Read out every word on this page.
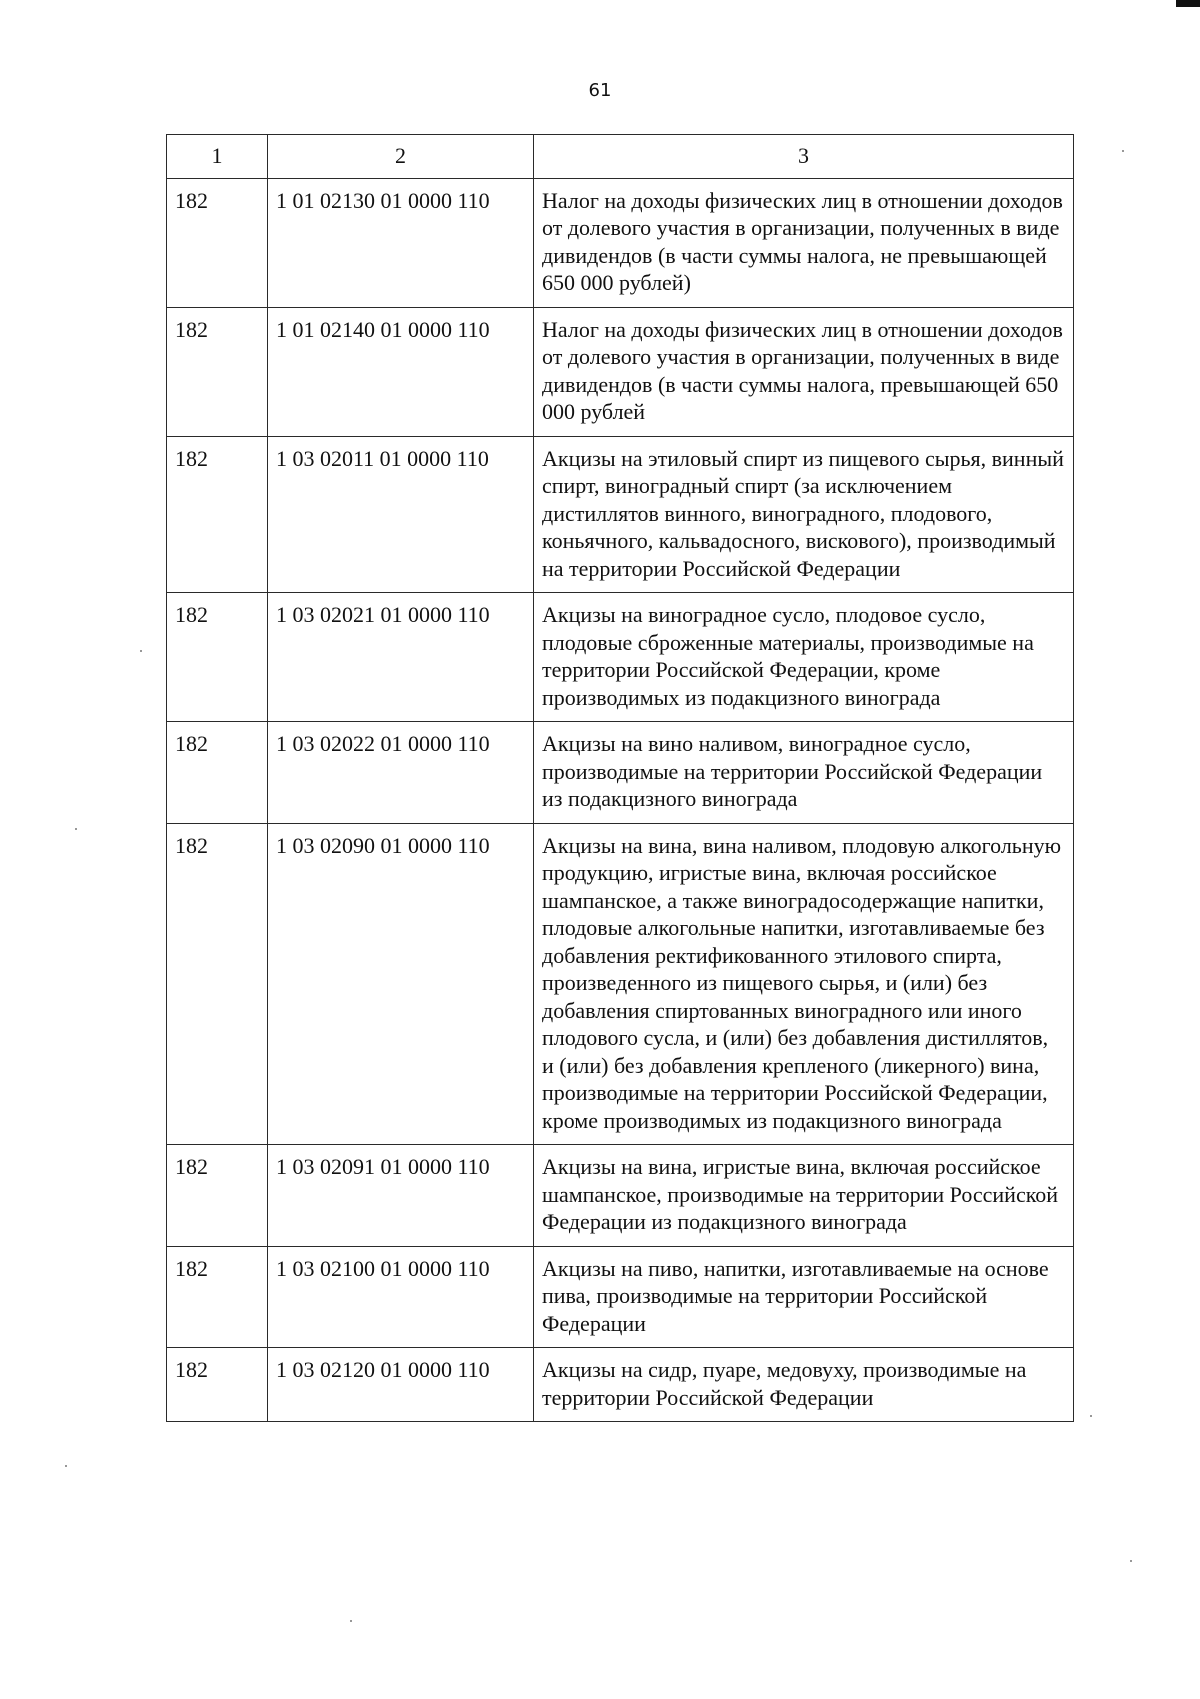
61
1	2	3
182	1 01 02130 01 0000 110	Налог на доходы физических лиц в отношении доходов от долевого участия в организации, полученных в виде дивидендов (в части суммы налога, не превышающей 650 000 рублей)
182	1 01 02140 01 0000 110	Налог на доходы физических лиц в отношении доходов от долевого участия в организации, полученных в виде дивидендов (в части суммы налога, превышающей 650 000 рублей
182	1 03 02011 01 0000 110	Акцизы на этиловый спирт из пищевого сырья, винный спирт, виноградный спирт (за исключением дистиллятов винного, виноградного, плодового, коньячного, кальвадосного, вискового), производимый на территории Российской Федерации
182	1 03 02021 01 0000 110	Акцизы на виноградное сусло, плодовое сусло, плодовые сброженные материалы, производимые на территории Российской Федерации, кроме производимых из подакцизного винограда
182	1 03 02022 01 0000 110	Акцизы на вино наливом, виноградное сусло, производимые на территории Российской Федерации из подакцизного винограда
182	1 03 02090 01 0000 110	Акцизы на вина, вина наливом, плодовую алкогольную продукцию, игристые вина, включая российское шампанское, а также виноградосодержащие напитки, плодовые алкогольные напитки, изготавливаемые без добавления ректификованного этилового спирта, произведенного из пищевого сырья, и (или) без добавления спиртованных виноградного или иного плодового сусла, и (или) без добавления дистиллятов, и (или) без добавления крепленого (ликерного) вина, производимые на территории Российской Федерации, кроме производимых из подакцизного винограда
182	1 03 02091 01 0000 110	Акцизы на вина, игристые вина, включая российское шампанское, производимые на территории Российской Федерации из подакцизного винограда
182	1 03 02100 01 0000 110	Акцизы на пиво, напитки, изготавливаемые на основе пива, производимые на территории Российской Федерации
182	1 03 02120 01 0000 110	Акцизы на сидр, пуаре, медовуху, производимые на территории Российской Федерации
